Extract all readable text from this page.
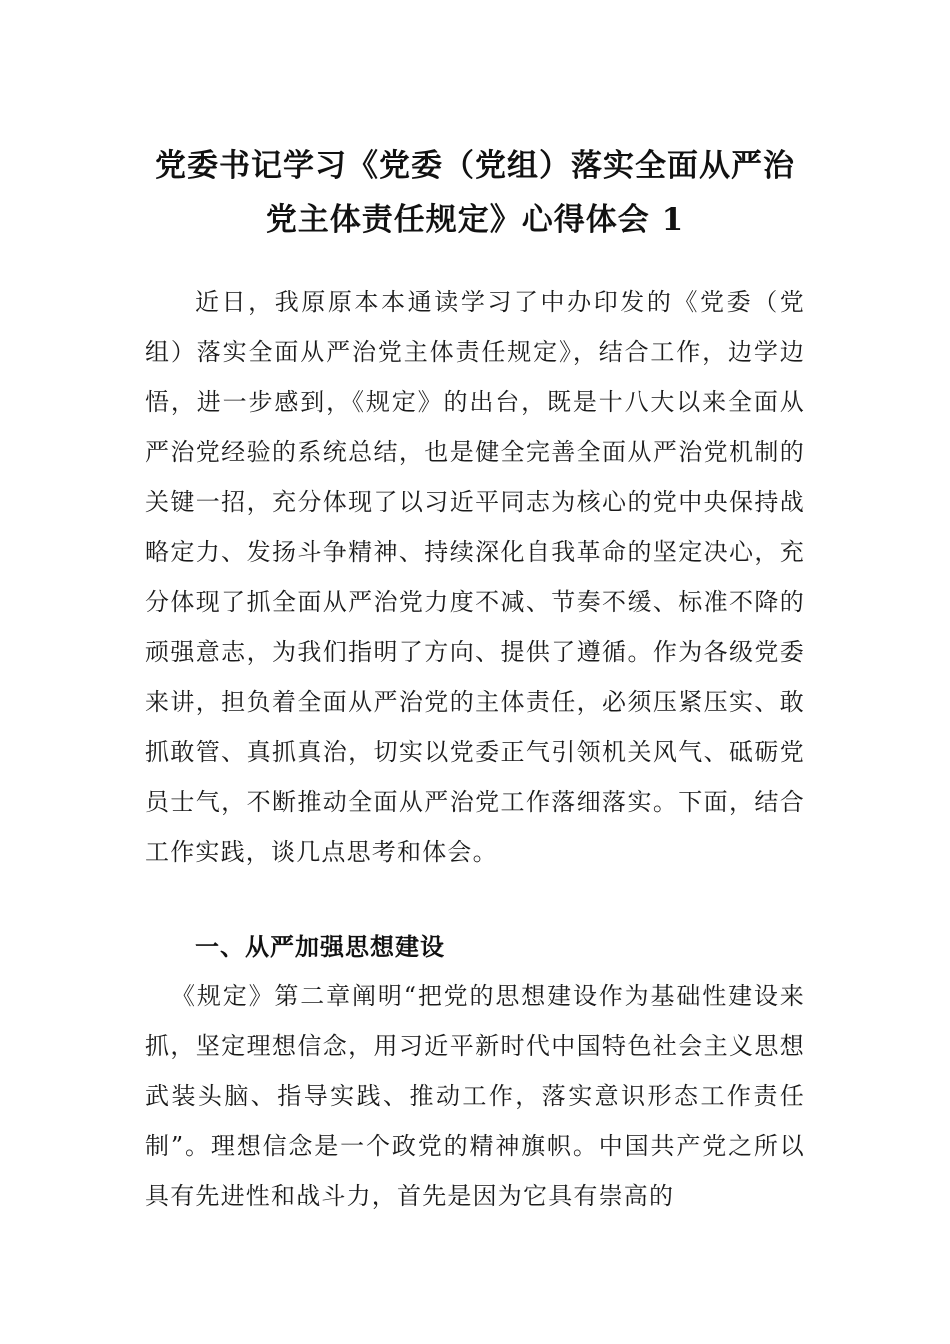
党委书记学习《党委（党组）落实全面从严治
党主体责任规定》心得体会 1

近日，我原原本本通读学习了中办印发的《党委（党组）落实全面从严治党主体责任规定》，结合工作，边学边悟，进一步感到，《规定》的出台，既是十八大以来全面从严治党经验的系统总结，也是健全完善全面从严治党机制的关键一招，充分体现了以习近平同志为核心的党中央保持战略定力、发扬斗争精神、持续深化自我革命的坚定决心，充分体现了抓全面从严治党力度不减、节奏不缓、标准不降的顽强意志，为我们指明了方向、提供了遵循。作为各级党委来讲，担负着全面从严治党的主体责任，必须压紧压实、敢抓敢管、真抓真治，切实以党委正气引领机关风气、砥砺党员士气，不断推动全面从严治党工作落细落实。下面，结合工作实践，谈几点思考和体会。

一、从严加强思想建设

《规定》第二章阐明“把党的思想建设作为基础性建设来抓，坚定理想信念，用习近平新时代中国特色社会主义思想武装头脑、指导实践、推动工作，落实意识形态工作责任制”。理想信念是一个政党的精神旗帜。中国共产党之所以具有先进性和战斗力，首先是因为它具有崇高的
